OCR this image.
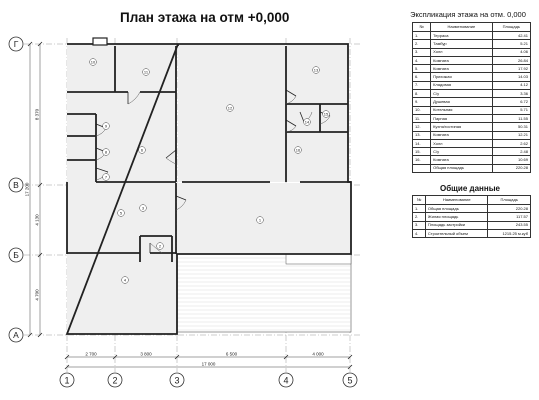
План этажа на отм +0,000	Экспликация этажа на отм. 0,000
№	Наименование	Площадь
1.	Терраса	42.41
2.	Тамбур	5.21
3.	Холл	4.06
4.	Комната	26.84
5.	Комната	17.92
6.	Прихожая	14.03
7.	Кладовая	4.12
8.	С/у	3.36
9.	Душевая	6.72
10.	Котельная	5.71
11.	Парная	11.55
12.	Кухня/гостиная	50.31
13.	Комната	12.21
14.	Холл	2.62
15.	С/у	2.48
16.	Комната	10.69
	Общая площадь	220.28
Общие данные
№	Наименование	Площадь
1.	Общая площадь	220.28
2.	Жилая площадь	117.57
3.	Площадь застройки	243.55
4.	Строительный объем	1215.25 м.куб
1	2	3	4	5
Г
В
Б
А
2 700	3 800	6 500	4 000
17 000
8 370
4 130
4 700
17 200
1
2
3
4
5
6
7
8
9
10
11
12
13
14
15
16
